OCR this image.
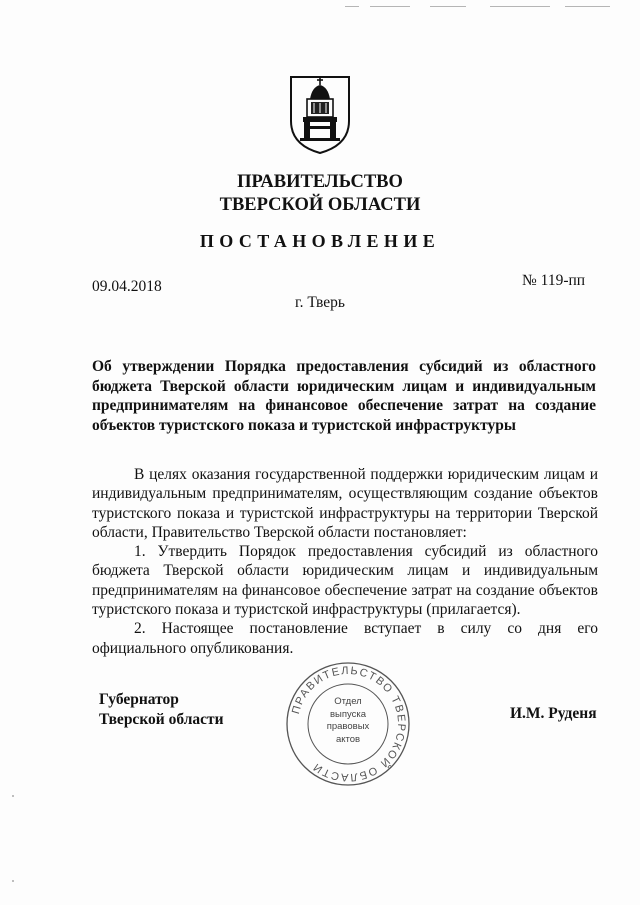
ПРАВИТЕЛЬСТВО
ТВЕРСКОЙ ОБЛАСТИ
ПОСТАНОВЛЕНИЕ
09.04.2018	№ 119-пп
г. Тверь
Об утверждении Порядка предоставления субсидий из областного бюджета Тверской области юридическим лицам и индивидуальным предпринимателям на финансовое обеспечение затрат на создание объектов туристского показа и туристской инфраструктуры

В целях оказания государственной поддержки юридическим лицам и индивидуальным предпринимателям, осуществляющим создание объектов туристского показа и туристской инфраструктуры на территории Тверской области, Правительство Тверской области постановляет:

1. Утвердить Порядок предоставления субсидий из областного бюджета Тверской области юридическим лицам и индивидуальным предпринимателям на финансовое обеспечение затрат на создание объектов туристского показа и туристской инфраструктуры (прилагается).

2. Настоящее постановление вступает в силу со дня его официального опубликования.

Губернатор
Тверской области
ПРАВИТЕЛЬСТВО ТВЕРСКОЙ ОБЛАСТИ
Отдел
выпуска
правовых
актов
И.М. Руденя
